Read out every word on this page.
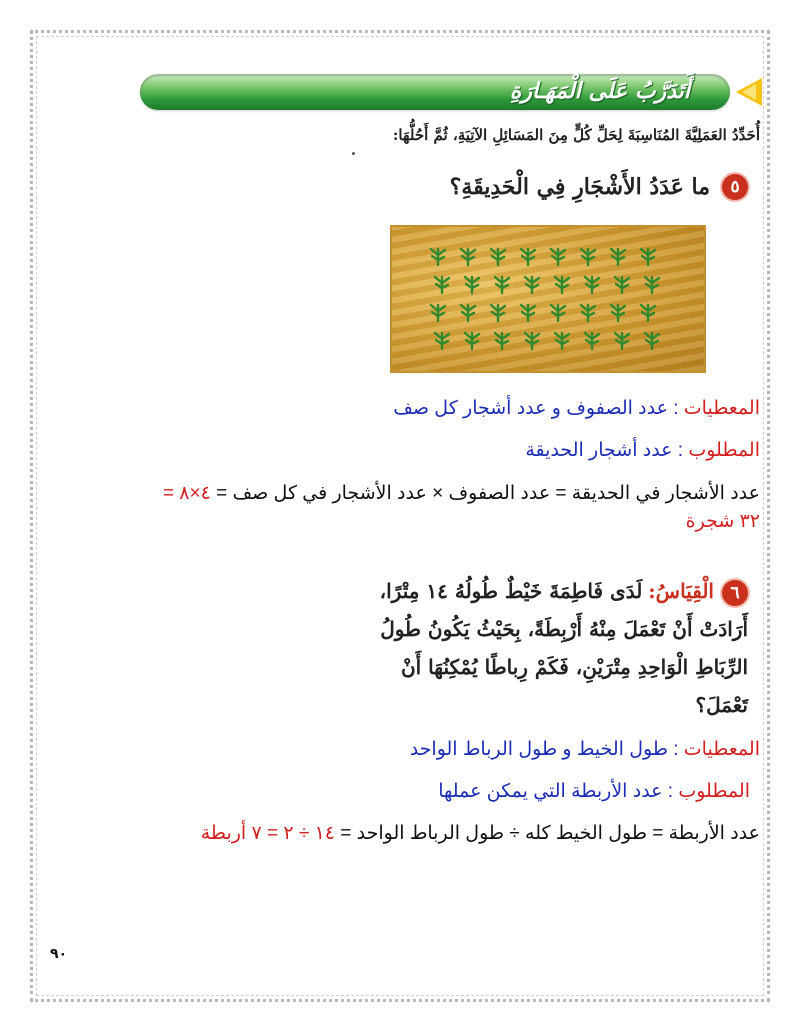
أَتَدَرَّبُ عَلَى الْمَهَـارَةِ
أُحَدِّدُ العَمَلِيَّةَ المُنَاسِبَةَ لِحَلِّ كُلٍّ مِنَ المَسَائِلِ الآتِيَةِ، ثُمَّ أَحُلُّهَا:
٥
ما عَدَدُ الأَشْجَارِ فِي الْحَدِيقَةِ؟
المعطيات : عدد الصفوف و عدد أشجار كل صف
المطلوب : عدد أشجار الحديقة
عدد الأشجار في الحديقة = عدد الصفوف × عدد الأشجار في كل صف = ٤×٨ =
٣٢ شجرة
٦الْقِيَاسُ:لَدَى فَاطِمَةَ خَيْطٌ طُولُهُ ١٤ مِتْرًا،
أَرَادَتْ أَنْ تَعْمَلَ مِنْهُ أَرْبِطَةً، بِحَيْثُ يَكُونُ طُولُ
الرِّبَاطِ الْوَاحِدِ مِتْرَيْنِ، فَكَمْ رِباطًا يُمْكِنُهَا أَنْ
تَعْمَلَ؟
المعطيات : طول الخيط و طول الرباط الواحد
المطلوب : عدد الأربطة التي يمكن عملها
عدد الأربطة = طول الخيط كله ÷ طول الرباط الواحد = ١٤ ÷ ٢ = ٧ أربطة
٩٠
